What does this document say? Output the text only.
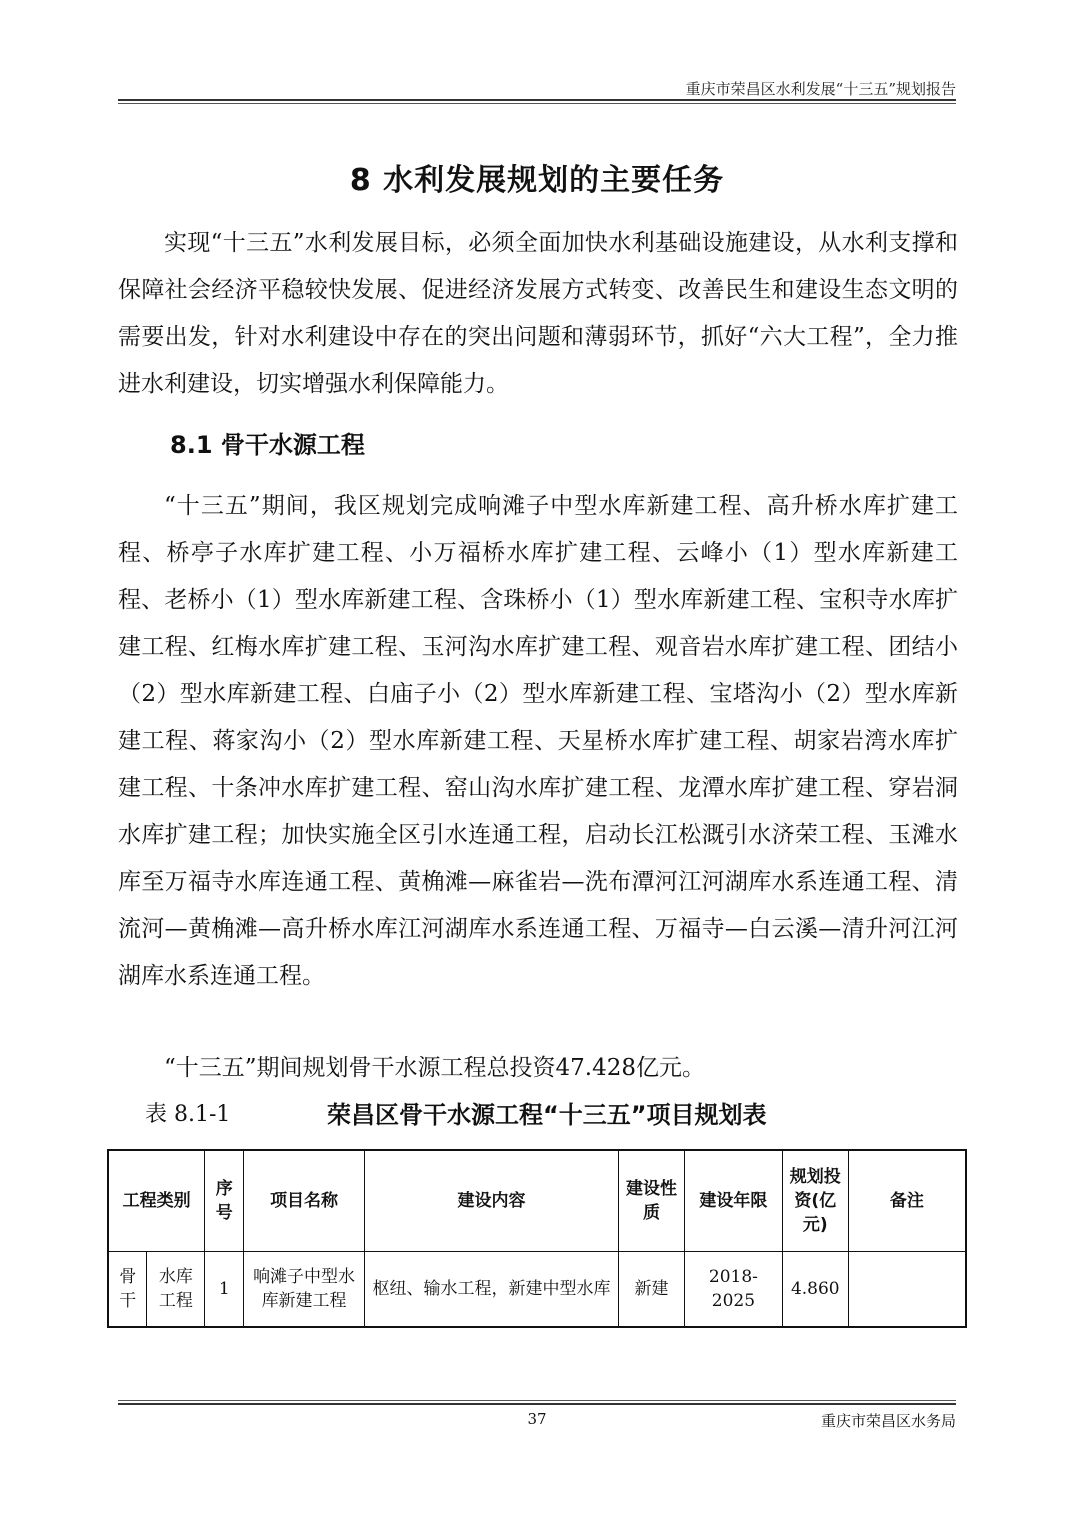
重庆市荣昌区水利发展“十三五”规划报告
8 水利发展规划的主要任务

实现“十三五”水利发展目标，必须全面加快水利基础设施建设，从水利支撑和保障社会经济平稳较快发展、促进经济发展方式转变、改善民生和建设生态文明的需要出发，针对水利建设中存在的突出问题和薄弱环节，抓好“六大工程”，全力推进水利建设，切实增强水利保障能力。

8.1 骨干水源工程

“十三五”期间，我区规划完成响滩子中型水库新建工程、高升桥水库扩建工程、桥亭子水库扩建工程、小万福桥水库扩建工程、云峰小（1）型水库新建工程、老桥小（1）型水库新建工程、含珠桥小（1）型水库新建工程、宝积寺水库扩建工程、红梅水库扩建工程、玉河沟水库扩建工程、观音岩水库扩建工程、团结小（2）型水库新建工程、白庙子小（2）型水库新建工程、宝塔沟小（2）型水库新建工程、蒋家沟小（2）型水库新建工程、天星桥水库扩建工程、胡家岩湾水库扩建工程、十条冲水库扩建工程、窑山沟水库扩建工程、龙潭水库扩建工程、穿岩洞水库扩建工程；加快实施全区引水连通工程，启动长江松溉引水济荣工程、玉滩水库至万福寺水库连通工程、黄桷滩—麻雀岩—洗布潭河江河湖库水系连通工程、清流河—黄桷滩—高升桥水库江河湖库水系连通工程、万福寺—白云溪—清升河江河湖库水系连通工程。

“十三五”期间规划骨干水源工程总投资47.428亿元。

表 8.1-1	荣昌区骨干水源工程“十三五”项目规划表
工程类别		序号	项目名称	建设内容	建设性质	建设年限	规划投资(亿元)	备注
骨干	水库工程	1	响滩子中型水库新建工程	枢纽、输水工程，新建中型水库	新建	2018-2025	4.860	
37	重庆市荣昌区水务局
